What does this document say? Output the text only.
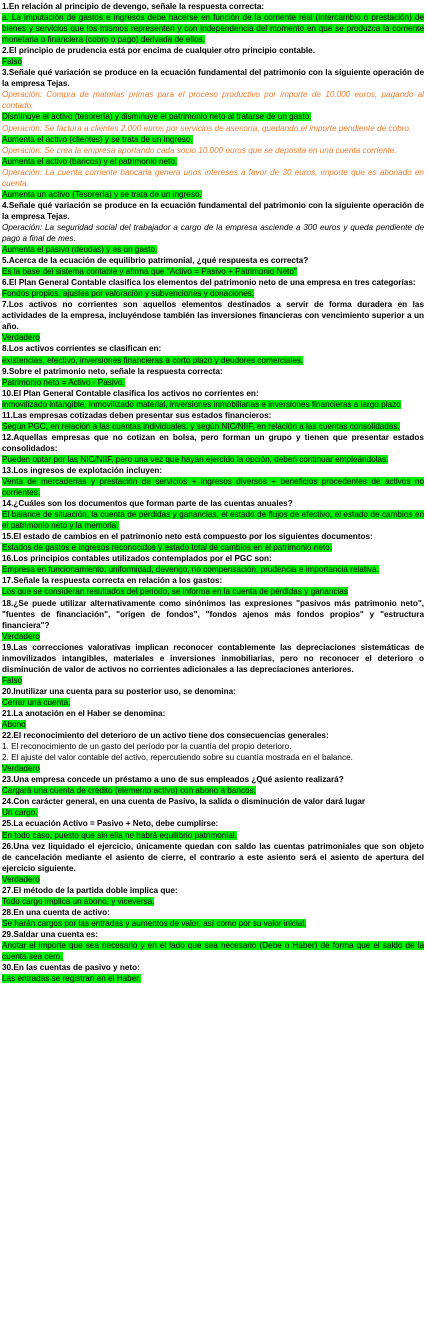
1.En relación al principio de devengo, señale la respuesta correcta:

a. La imputación de gastos e ingresos debe hacerse en función de la corriente real (intercambio o prestación) de bienes y servicios que los mismos representen y con independencia del momento en que se produzca la corriente monetaria o financiera (cobro o pago) derivada de ellos.

2.El principio de prudencia está por encima de cualquier otro principio contable.

Falso

3.Señale qué variación se produce en la ecuación fundamental del patrimonio con la siguiente operación de la empresa Tejas.

Operación: Compra de materias primas para el proceso productivo por importe de 10.000 euros, pagando al contado.

Disminuye el activo (tesorería) y disminuye el patrimonio neto al tratarse de un gasto.

Operación: Se factura a clientes 2.000 euros por servicios de asesoría, quedando el importe pendiente de cobro.

Aumenta el activo (clientes) y se trata de un ingreso.

Operación: Se crea la empresa aportando cada socio 10.000 euros que se deposita en una cuenta corriente.

Aumenta el activo (bancos) y el patrimonio neto.

Operación: La cuenta corriente bancaria genera unos intereses a favor de 30 euros, importe que es abonado en cuenta.

Aumenta un activo (Tesorería) y se trata de un ingreso.

4.Señale qué variación se produce en la ecuación fundamental del patrimonio con la siguiente operación de la empresa Tejas.

Operación: La seguridad social del trabajador a cargo de la empresa asciende a 300 euros y queda pendiente de pago a final de mes.

Aumenta el pasivo (deudas) y es un gasto.

5.Acerca de la ecuación de equilibrio patrimonial, ¿qué respuesta es correcta?

Es la base del sistema contable y afirma que "Activo = Pasivo + Patrimonio Neto"

6.El Plan General Contable clasifica los elementos del patrimonio neto de una empresa en tres categorías:

Fondos propios, ajustes por valoración y subvenciones y donaciones.

7.Los activos no corrientes son aquellos elementos destinados a servir de forma duradera en las actividades de la empresa, incluyéndose también las inversiones financieras con vencimiento superior a un año.

Verdadero

8.Los activos corrientes se clasifican en:

existencias, efectivo, inversiones financieras a corto plazo y deudores comerciales.

9.Sobre el patrimonio neto, señale la respuesta correcta:

Patrimonio neto = Activo - Pasivo.

10.El Plan General Contable clasifica los activos no corrientes en:

inmovilizado intangible, inmovilizado material, inversiones inmobiliarias e inversiones financieras a largo plazo

11.Las empresas cotizadas deben presentar sus estados financieros:

Según PGC, en relación a las cuentas individuales, y según NIC/NIIF, en relación a las cuentas consolidadas.

12.Aquellas empresas que no cotizan en bolsa, pero forman un grupo y tienen que presentar estados consolidados:

Pueden optar por las NIC/NIIF, pero una vez que hayan ejercido la opción, deben continuar empleándolas.

13.Los ingresos de explotación incluyen:

Venta de mercaderías y prestación de servicios + ingresos diversos + beneficios procedentes de activos no corrientes.

14.¿Cuáles son los documentos que forman parte de las cuentas anuales?

El balance de situación, la cuenta de pérdidas y ganancias, el estado de flujos de efectivo, el estado de cambios en el patrimonio neto y la memoria.

15.El estado de cambios en el patrimonio neto está compuesto por los siguientes documentos:

Estados de gastos e ingresos reconocidos y estado total de cambios en el patrimonio neto.

16.Los principios contables utilizados contemplados por el PGC son:

Empresa en funcionamiento, uniformidad, devengo, no compensación, prudencia e importancia relativa.

17.Señale la respuesta correcta en relación a los gastos:

Los que se consideran resultados del periodo, se informa en la cuenta de pérdidas y ganancias

18.¿Se puede utilizar alternativamente como sinónimos las expresiones "pasivos más patrimonio neto", "fuentes de financiación", "origen de fondos", "fondos ajenos más fondos propios" y "estructura financiera"?

Verdadero

19.Las correcciones valorativas implican reconocer contablemente las depreciaciones sistemáticas de inmovilizados intangibles, materiales e inversiones inmobiliarias, pero no reconocer el deterioro o disminución de valor de activos no corrientes adicionales a las depreciaciones anteriores.

Falso

20.Inutilizar una cuenta para su posterior uso, se denomina:

Cerrar una cuenta.

21.La anotación en el Haber se denomina:

Abono

22.El reconocimiento del deterioro de un activo tiene dos consecuencias generales:

1. El reconocimiento de un gasto del período por la cuantía del propio deterioro.

2. El ajuste del valor contable del activo, repercutiendo sobre su cuantía mostrada en el balance.

Verdadero

23.Una empresa concede un préstamo a uno de sus empleados ¿Qué asiento realizará?

Cargará una cuenta de crédito (elemento activo) con abono a bancos.

24.Con carácter general, en una cuenta de Pasivo, la salida o disminución de valor dará lugar

Un cargo.

25.La ecuación Activo = Pasivo + Neto, debe cumplirse:

En todo caso, puesto que sin ella no habrá equilibrio patrimonial.

26.Una vez liquidado el ejercicio, únicamente quedan con saldo las cuentas patrimoniales que son objeto de cancelación mediante el asiento de cierre, el contrario a este asiento será el asiento de apertura del ejercicio siguiente.

Verdadero

27.El método de la partida doble implica que:

Todo cargo implica un abono, y viceversa.

28.En una cuenta de activo:

Se harán cargos por las entradas y aumentos de valor, así como por su valor inicial.

29.Saldar una cuenta es:

Anotar el importe que sea necesario y en el lado que sea necesario (Debe o Haber) de forma que el saldo de la cuenta sea cero.

30.En las cuentas de pasivo y neto:

Las entradas se registran en el Haber.
